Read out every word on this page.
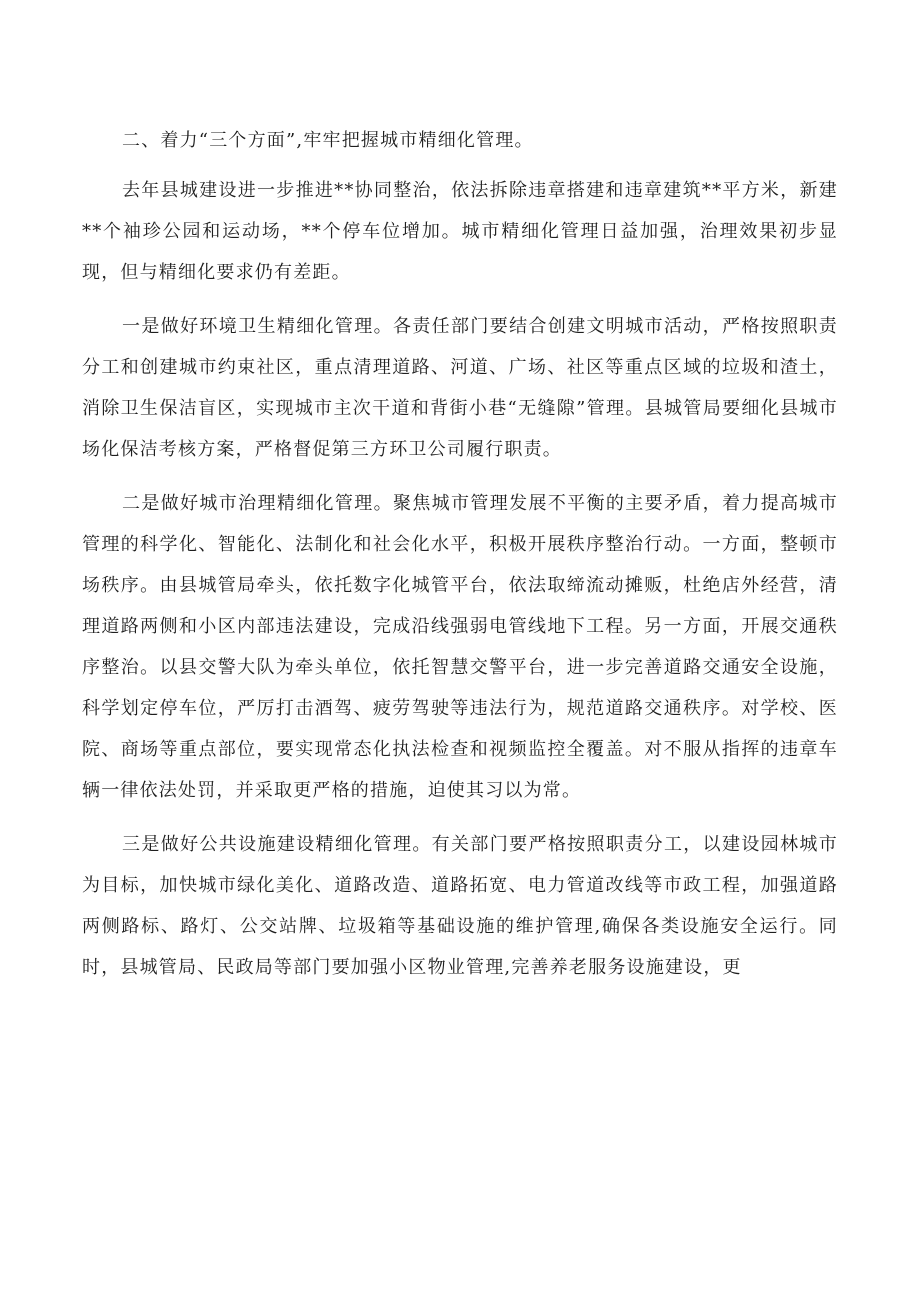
二、着力“三个方面”,牢牢把握城市精细化管理。

去年县城建设进一步推进**协同整治，依法拆除违章搭建和违章建筑**平方米，新建**个袖珍公园和运动场，**个停车位增加。城市精细化管理日益加强，治理效果初步显现，但与精细化要求仍有差距。

一是做好环境卫生精细化管理。各责任部门要结合创建文明城市活动，严格按照职责分工和创建城市约束社区，重点清理道路、河道、广场、社区等重点区域的垃圾和渣土，消除卫生保洁盲区，实现城市主次干道和背街小巷“无缝隙”管理。县城管局要细化县城市场化保洁考核方案，严格督促第三方环卫公司履行职责。

二是做好城市治理精细化管理。聚焦城市管理发展不平衡的主要矛盾，着力提高城市管理的科学化、智能化、法制化和社会化水平，积极开展秩序整治行动。一方面，整顿市场秩序。由县城管局牵头，依托数字化城管平台，依法取缔流动摊贩，杜绝店外经营，清理道路两侧和小区内部违法建设，完成沿线强弱电管线地下工程。另一方面，开展交通秩序整治。以县交警大队为牵头单位，依托智慧交警平台，进一步完善道路交通安全设施，科学划定停车位，严厉打击酒驾、疲劳驾驶等违法行为，规范道路交通秩序。对学校、医院、商场等重点部位，要实现常态化执法检查和视频监控全覆盖。对不服从指挥的违章车辆一律依法处罚，并采取更严格的措施，迫使其习以为常。

三是做好公共设施建设精细化管理。有关部门要严格按照职责分工，以建设园林城市为目标，加快城市绿化美化、道路改造、道路拓宽、电力管道改线等市政工程，加强道路两侧路标、路灯、公交站牌、垃圾箱等基础设施的维护管理,确保各类设施安全运行。同时，县城管局、民政局等部门要加强小区物业管理,完善养老服务设施建设，更
